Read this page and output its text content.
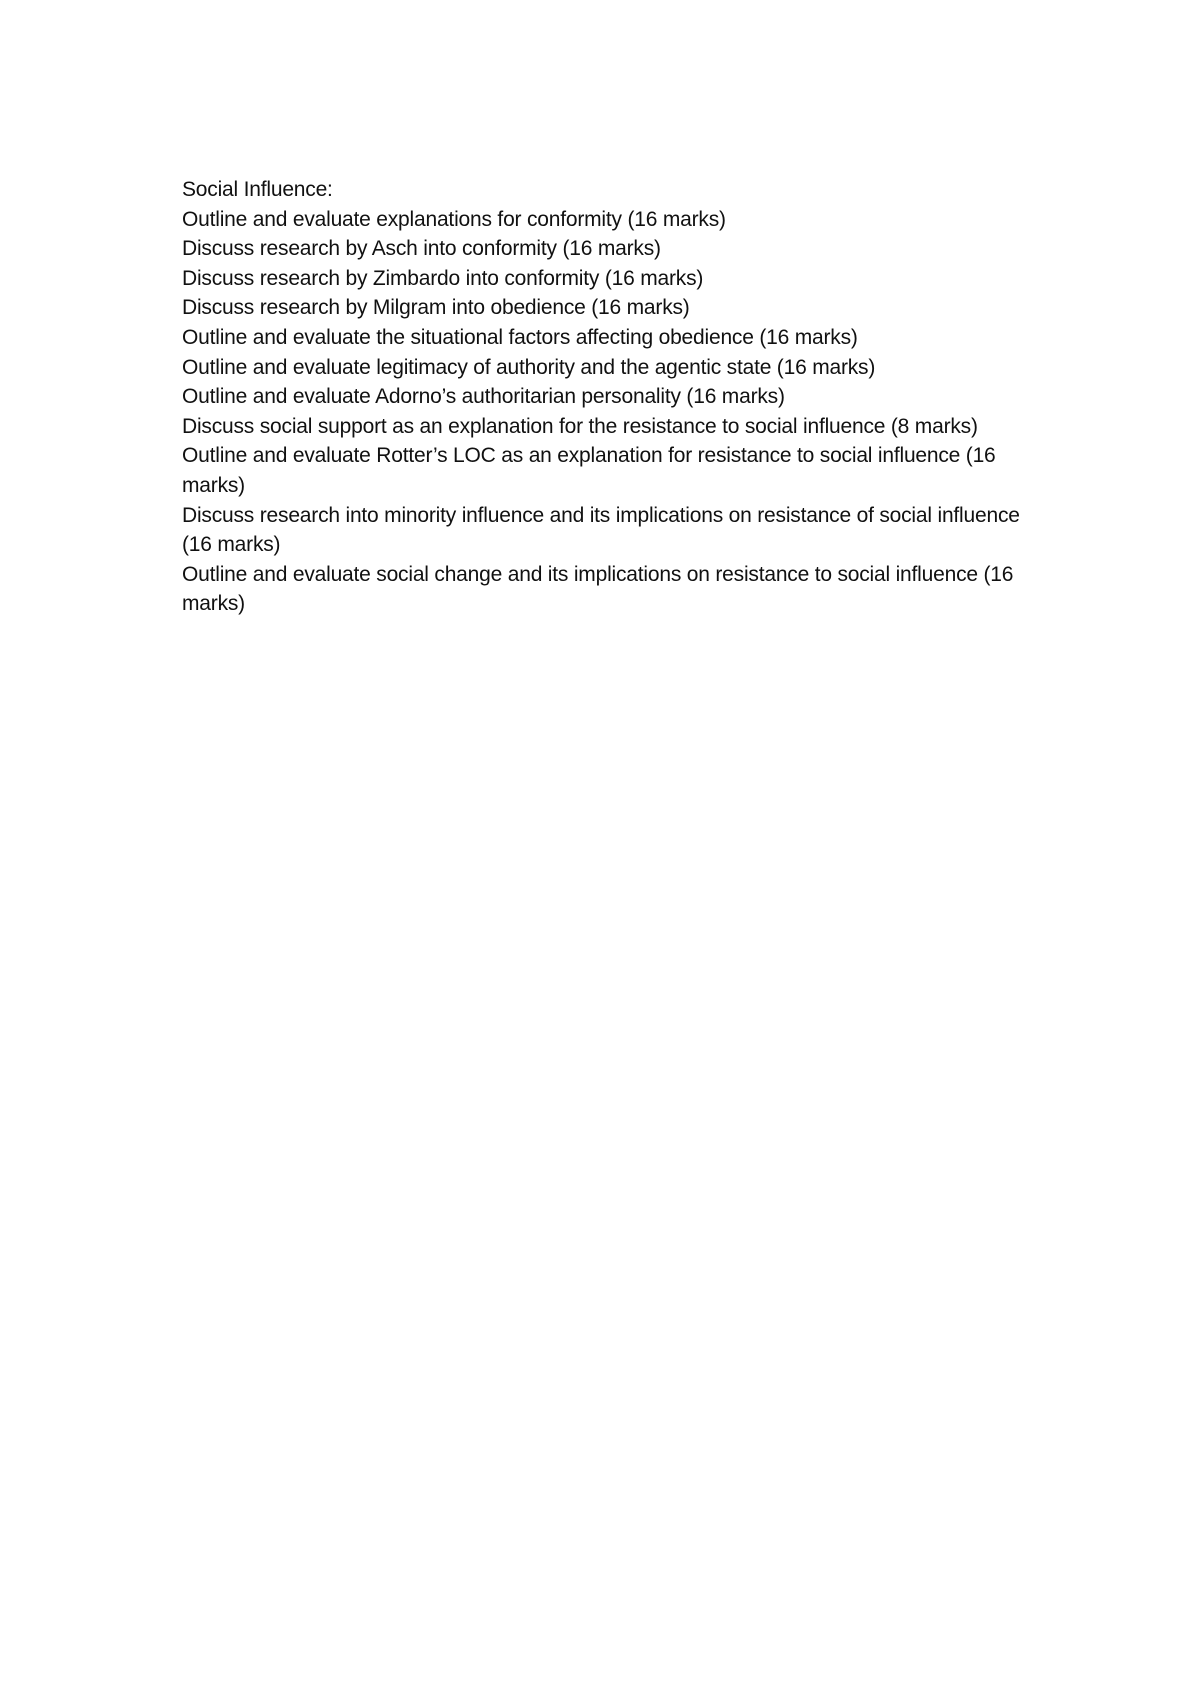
Social Influence:

Outline and evaluate explanations for conformity (16 marks)
Discuss research by Asch into conformity (16 marks)
Discuss research by Zimbardo into conformity (16 marks)
Discuss research by Milgram into obedience (16 marks)
Outline and evaluate the situational factors affecting obedience (16 marks)
Outline and evaluate legitimacy of authority and the agentic state (16 marks)
Outline and evaluate Adorno’s authoritarian personality (16 marks)
Discuss social support as an explanation for the resistance to social influence (8 marks)
Outline and evaluate Rotter’s LOC as an explanation for resistance to social influence (16 marks)
Discuss research into minority influence and its implications on resistance of social influence (16 marks)
Outline and evaluate social change and its implications on resistance to social influence (16 marks)
